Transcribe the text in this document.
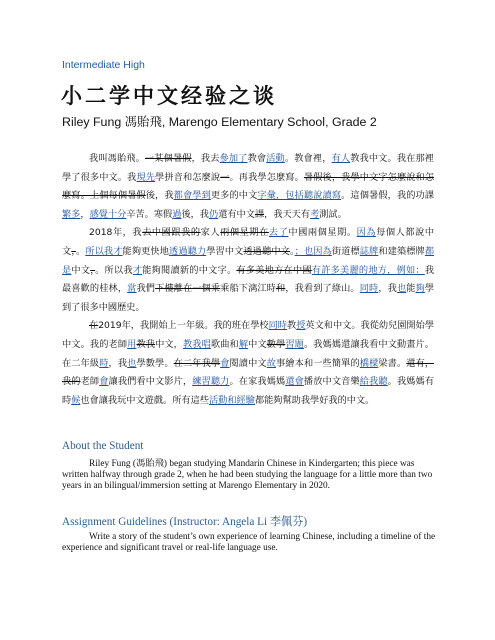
Intermediate High
小二学中文经验之谈
Riley Fung 馮貽飛, Marengo Elementary School, Grade 2

我叫馮貽飛。一某個暑假，我去參加了教會活動。教會裡，有人教我中文。我在那裡學了很多中文。我現先學拼音和怎麼說一。再我學怎麼寫。暑假後，我學中文字怎麼說和怎麼寫。上個每個暑假後，我都會學到更多的中文字彙，包括聽說讀寫。這個暑假，我的功課繁多，感覺十分辛苦。寒假過後，我仍還有中文課，我天天有考測試。

2018年，我去中國跟我的家人兩個星期在去了中國兩個星期。因為每個人都說中文，。所以我才能夠更快地透過聽力學習中文透過聽中文。；也因為街道標誌牌和建築標牌都是中文，。所以我才能夠閱讀新的中文字。有多美地方在中國有許多美麗的地方，例如：我最喜歡的桂林，當我們下樓離在一個乘乘船下漓江時和，我看到了綠山。同時，我也能夠學到了很多中國歷史。

在2019年，我開始上一年級。我的班在學校同時教授英文和中文。我從幼兒園開始學中文。我的老師用教我中文，教我唱歌曲和解中文數學習題。我媽媽還讓我看中文動畫片。在二年級時，我也學數學。在二年我學會閱讀中文故事繪本和一些簡單的橋樑梁書。還有，我的老師會讓我們看中文影片，練習聽力。在家我媽媽還會播放中文音樂給我聽。我媽媽有時候也會讓我玩中文遊戲。所有這些活動和經驗都能夠幫助我學好我的中文。

About the Student

Riley Fung (馮貽飛) began studying Mandarin Chinese in Kindergarten; this piece was written halfway through grade 2, when he had been studying the language for a little more than two years in an bilingual/immersion setting at Marengo Elementary in 2020.

Assignment Guidelines (Instructor: Angela Li 李佩芬)

Write a story of the student’s own experience of learning Chinese, including a timeline of the experience and significant travel or real-life language use.
